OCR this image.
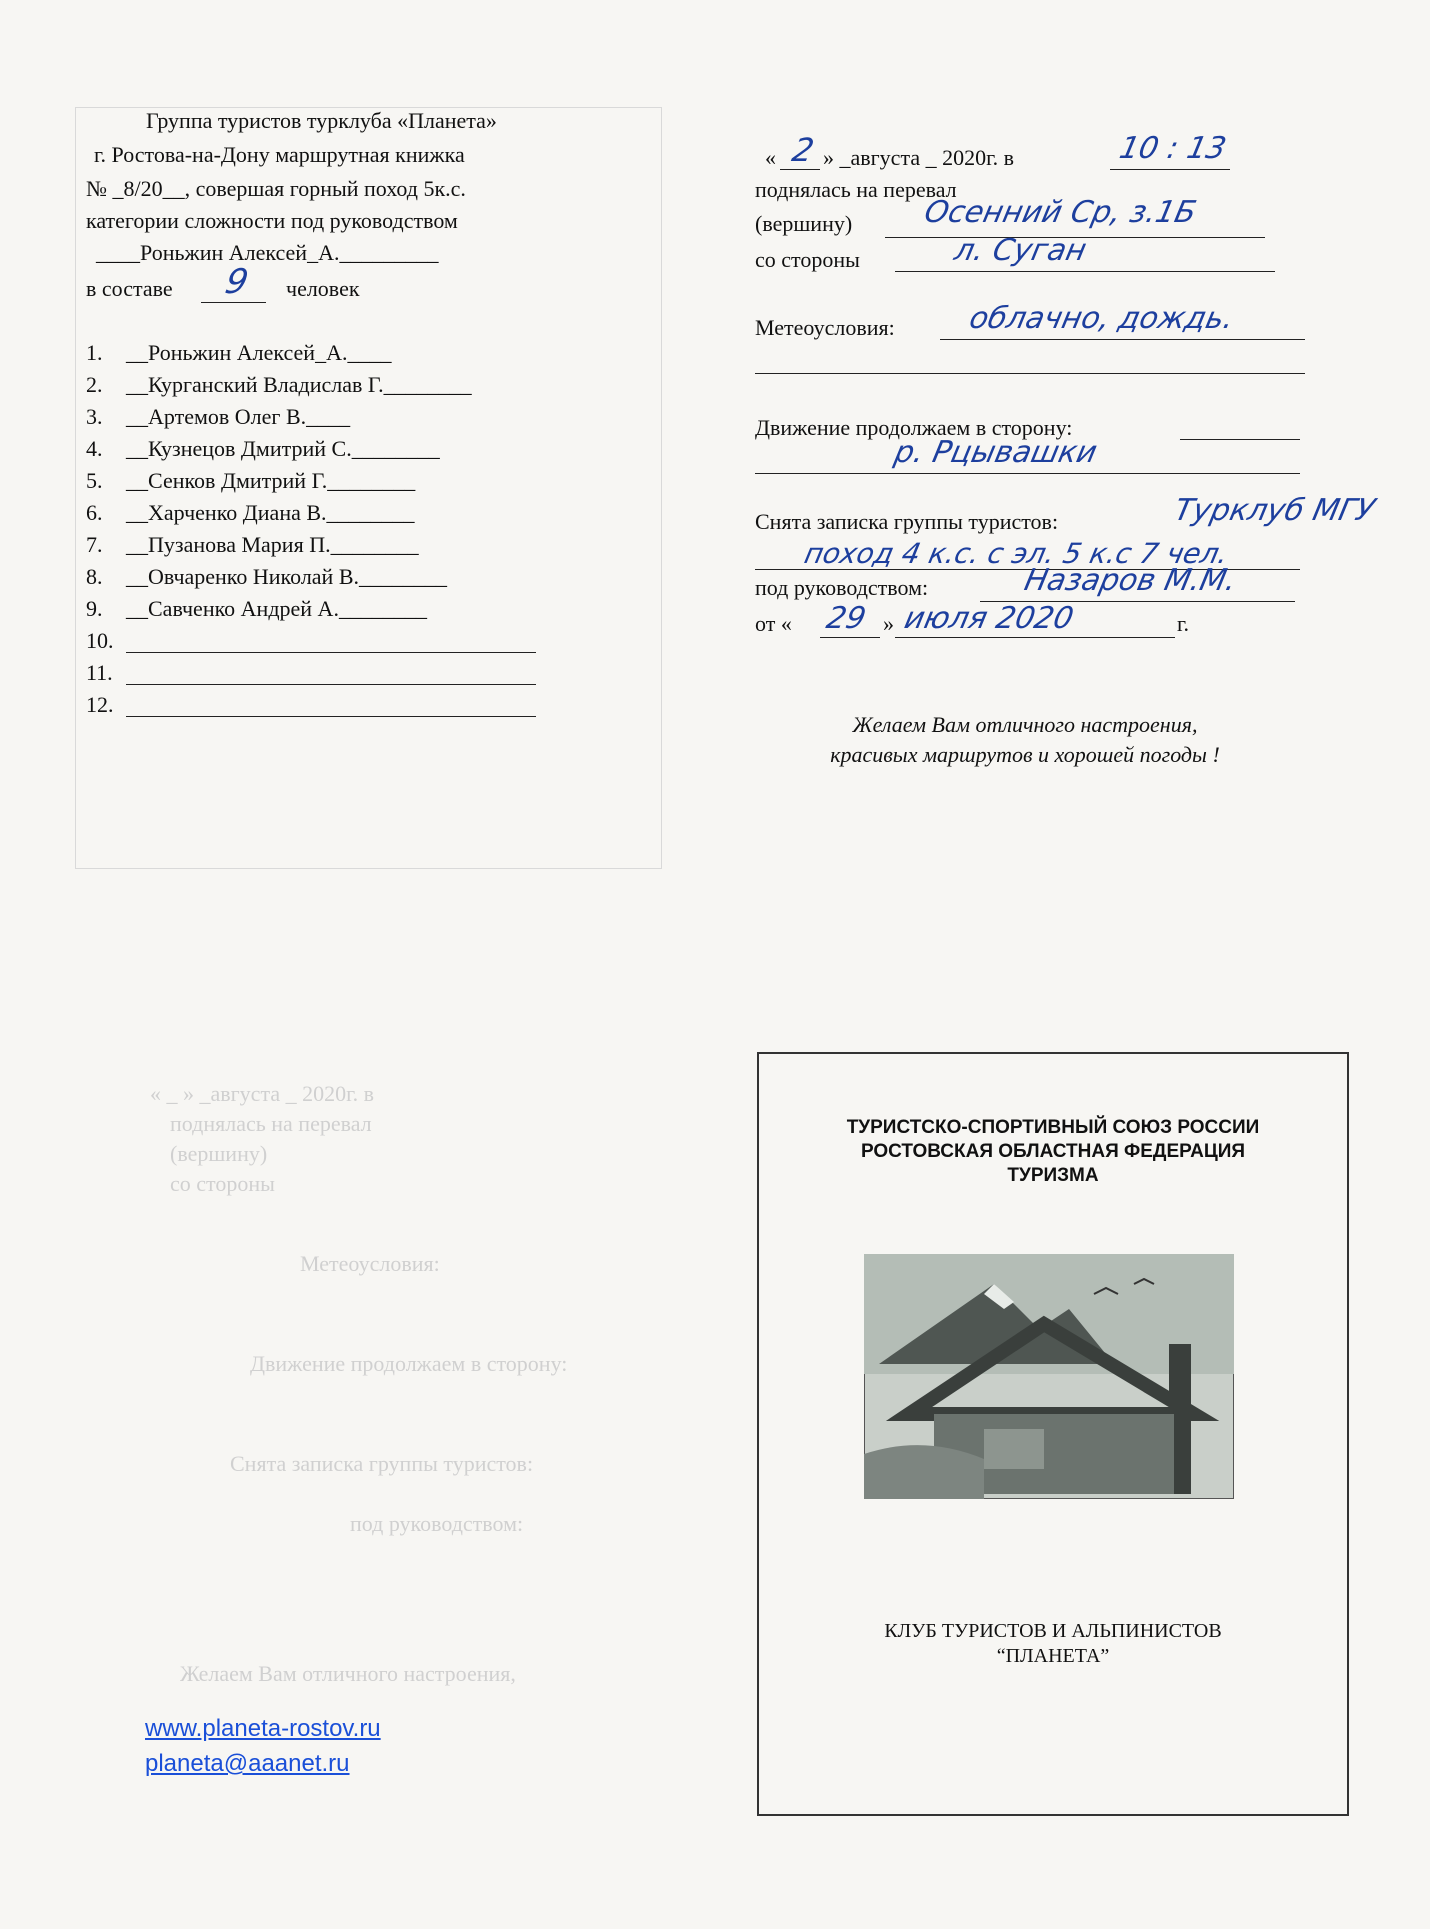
Группа туристов турклуба «Планета»
г. Ростова-на-Дону маршрутная книжка
№ _8/20__, совершая горный поход 5к.с.
категории сложности под руководством
____Роньжин Алексей_А._________
в составе 9 человек
1. __Роньжин Алексей_А.____
2. __Курганский Владислав Г.________
3. __Артемов Олег В.____
4. __Кузнецов Дмитрий С.________
5. __Сенков Дмитрий Г.________
6. __Харченко Диана В.________
7. __Пузанова Мария П.________
8. __Овчаренко Николай В.________
9. __Савченко Андрей А.________
10.
11.
12.
« 2 » _августа _ 2020г. в	10 : 13
поднялась на перевал
(вершину) Осенний Ср, з.1Б
со стороны	л. Суган
Метеоусловия: облачно, дождь.
Движение продолжаем в сторону:
р. Рцывашки
Снята записка группы туристов:	Турклуб МГУ
поход 4 к.с. с эл. 5 к.с 7 чел.
под руководством:	Назаров М.М.
от « 29 » июля 2020	г.
Желаем Вам отличного настроения,
красивых маршрутов и хорошей погоды !
« _ » _августа _ 2020г. в
поднялась на перевал
(вершину)
со стороны
Метеоусловия:
Движение продолжаем в сторону:
Снята записка группы туристов:
под руководством:
Желаем Вам отличного настроения,
www.planeta-rostov.ru
planeta@aaanet.ru
ТУРИСТСКО-СПОРТИВНЫЙ СОЮЗ РОССИИ
РОСТОВСКАЯ ОБЛАСТНАЯ ФЕДЕРАЦИЯ
ТУРИЗМА
КЛУБ ТУРИСТОВ И АЛЬПИНИСТОВ
“ПЛАНЕТА”
